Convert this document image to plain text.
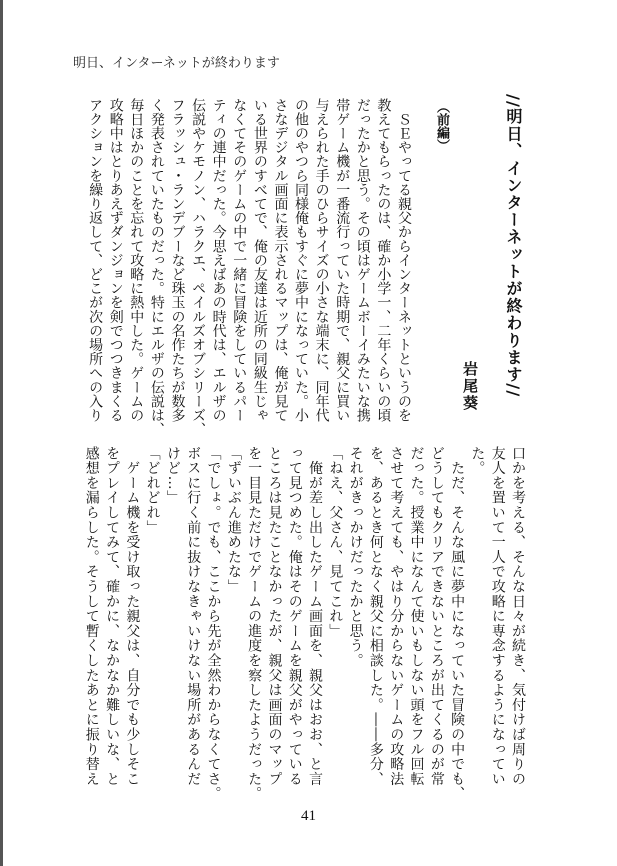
明日、インターネットが終わります
//明日、インターネットが終わります//
岩尾葵
（前編）
　ＳＥやってる親父からインターネットというのを
教えてもらったのは、確か小学一、二年くらいの頃
だったかと思う。その頃はゲームボーイみたいな携
帯ゲーム機が一番流行っていた時期で、親父に買い
与えられた手のひらサイズの小さな端末に、同年代
の他のやつら同様俺もすぐに夢中になっていた。小
さなデジタル画面に表示されるマップは、俺が見て
いる世界のすべてで、俺の友達は近所の同級生じゃ
なくてそのゲームの中で一緒に冒険をしているパー
ティの連中だった。今思えばあの時代は、エルザの
伝説やケモノン、ハラクエ、ペイルズオブシリーズ、
フラッシュ・ランデブーなど珠玉の名作たちが数多
く発表されていたものだった。特にエルザの伝説は、
毎日ほかのことを忘れて攻略に熱中した。ゲームの
攻略中はとりあえずダンジョンを剣でつつきまくる
アクションを繰り返して、どこが次の場所への入り
口かを考える、そんな日々が続き、気付けば周りの
友人を置いて一人で攻略に専念するようになってい
た。
　ただ、そんな風に夢中になっていた冒険の中でも、
どうしてもクリアできないところが出てくるのが常
だった。授業中になんて使いもしない頭をフル回転
させて考えても、やはり分からないゲームの攻略法
を、あるとき何となく親父に相談した。――多分、
それがきっかけだったかと思う。
「ねえ、父さん、見てこれ」
　俺が差し出したゲーム画面を、親父はおお、と言
って見つめた。俺はそのゲームを親父がやっている
ところは見たことなかったが、親父は画面のマップ
を一目見ただけでゲームの進度を察したようだった。
「ずいぶん進めたな」
「でしょ。でも、ここから先が全然わからなくてさ。
ボスに行く前に抜けなきゃいけない場所があるんだ
けど…」
「どれどれ」
　ゲーム機を受け取った親父は、自分でも少しそこ
をプレイしてみて、確かに、なかなか難しいな、と
感想を漏らした。そうして暫くしたあとに振り替え
41
